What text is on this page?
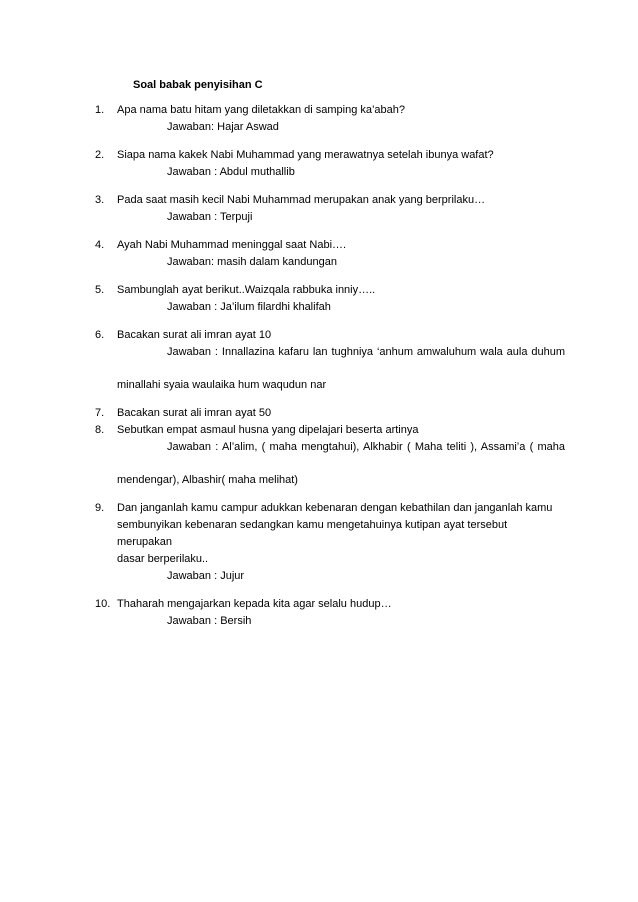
Soal babak penyisihan C
1. Apa nama batu hitam yang diletakkan di samping ka’abah?
Jawaban: Hajar Aswad
2. Siapa nama kakek Nabi Muhammad yang merawatnya setelah ibunya wafat?
Jawaban : Abdul muthallib
3. Pada saat masih kecil Nabi Muhammad merupakan anak yang berprilaku…
Jawaban : Terpuji
4. Ayah Nabi Muhammad meninggal saat Nabi….
Jawaban: masih dalam kandungan
5. Sambunglah ayat berikut..Waizqala rabbuka inniy…..
Jawaban : Ja’ilum filardhi khalifah
6. Bacakan surat ali imran ayat 10
Jawaban : Innallazina kafaru lan tughniya ‘anhum amwaluhum wala aula duhum
minallahi syaia waulaika hum waqudun nar
7. Bacakan surat ali imran ayat 50
8. Sebutkan empat asmaul husna yang dipelajari beserta artinya
Jawaban : Al’alim, ( maha mengtahui), Alkhabir ( Maha teliti ), Assami’a ( maha
mendengar), Albashir( maha melihat)
9. Dan janganlah kamu campur adukkan kebenaran dengan kebathilan dan janganlah kamu
sembunyikan kebenaran sedangkan kamu mengetahuinya kutipan ayat tersebut merupakan
dasar berperilaku..
Jawaban : Jujur
10. Thaharah mengajarkan kepada kita agar selalu hudup…
Jawaban : Bersih
